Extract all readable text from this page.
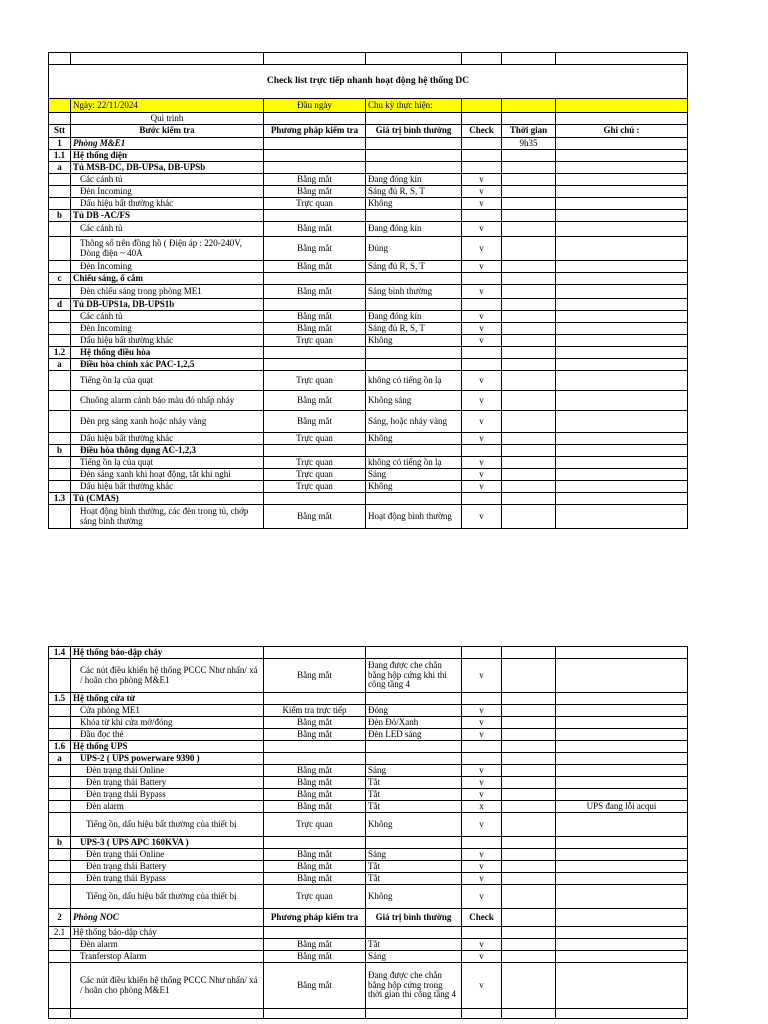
Check list trực tiếp nhanh hoạt động hệ thống DC						
	Ngày: 22/11/2024	Đầu ngày	Chu kỳ thực hiện:			
	Qui trình					
Stt	Bước kiểm tra	Phương pháp kiểm tra	Giá trị bình thường	Check	Thời gian	Ghi chú :
1	Phòng M&E1				9h35	
1.1	Hệ thống điện					
a	Tủ MSB-DC, DB-UPSa, DB-UPSb					
	Các cánh tủ	Bằng mắt	Đang đóng kín	v		
	Đèn Incoming	Bằng mắt	Sáng đủ R, S, T	v		
	Dấu hiệu bất thường khác	Trực quan	Không	v		
b	Tủ DB -AC/FS					
	Các cánh tủ	Bằng mắt	Đang đóng kín	v		
	Thông số trên đồng hồ ( Điện áp : 220-240V, Dòng điện ~ 40A	Bằng mắt	Đúng	v		
	Đèn Incoming	Bằng mắt	Sáng đủ R, S, T	v		
c	Chiếu sáng, ổ cắm					
	Đèn chiếu sáng trong phòng ME1	Bằng mắt	Sáng bình thường	v		
d	Tủ DB-UPS1a, DB-UPS1b					
	Các cánh tủ	Bằng mắt	Đang đóng kín	v		
	Đèn Incoming	Bằng mắt	Sáng đủ R, S, T	v		
	Dấu hiệu bất thường khác	Trực quan	Không	v		
1.2	Hệ thống điều hòa					
a	Điều hòa chính xác PAC-1,2,5					
	Tiếng ồn lạ của quạt	Trực quan	không có tiếng ồn lạ	v		
	Chuông alarm cảnh báo màu đỏ nhấp nháy	Bằng mắt	Không sáng	v		
	Đèn prg sáng xanh hoặc nháy vàng	Bằng mắt	Sáng, hoặc nháy vàng	v		
	Dấu hiệu bất thường khác	Trực quan	Không	v		
b	Điều hòa thông dụng AC-1,2,3					
	Tiếng ồn lạ của quạt	Trực quan	không có tiếng ồn lạ	v		
	Đèn sáng xanh khi hoạt động, tắt khi nghỉ	Trực quan	Sáng	v		
	Dấu hiệu bất thường khác	Trực quan	Không	v		
1.3	Tủ (CMAS)					
	Hoạt động bình thường, các đèn trong tủ, chớp sáng bình thường	Bằng mắt	Hoạt động bình thường	v		
1.4	Hệ thống báo-dập cháy					
	Các nút điều khiển hệ thống PCCC Như nhấn/ xả / hoãn cho phòng M&E1	Bằng mắt	Đang được che chắn bằng hộp cứng khi thi công tầng 4	v		
1.5	Hệ thống cửa từ					
	Cửa phòng ME1	Kiểm tra trực tiếp	Đóng	v		
	Khóa từ khi cửa mở/đóng	Bằng mắt	Đèn Đỏ/Xanh	v		
	Đầu đọc thẻ	Bằng mắt	Đèn LED sáng	v		
1.6	Hệ thống UPS					
a	UPS-2 ( UPS powerware 9390 )					
	Đèn trạng thái Online	Bằng mắt	Sáng	v		
	Đèn trạng thái Battery	Bằng mắt	Tắt	v		
	Đèn trạng thái Bypass	Bằng mắt	Tắt	v		
	Đèn alarm	Bằng mắt	Tắt	x		UPS đang lỗi acqui
	Tiếng ồn, dấu hiệu bất thường của thiết bị	Trực quan	Không	v		
b	UPS-3 ( UPS APC 160KVA )					
	Đèn trạng thái Online	Bằng mắt	Sáng	v		
	Đèn trạng thái Battery	Bằng mắt	Tắt	v		
	Đèn trạng thái Bypass	Bằng mắt	Tắt	v		
	Tiếng ồn, dấu hiệu bất thường của thiết bị	Trực quan	Không	v		
2	Phòng NOC	Phương pháp kiểm tra	Giá trị bình thường	Check		
2.1	Hệ thống báo-dập cháy					
	Đèn alarm	Bằng mắt	Tắt	v		
	Tranferstop Alarm	Bằng mắt	Sáng	v		
	Các nút điều khiển hệ thống PCCC Như nhấn/ xả / hoãn cho phòng M&E1	Bằng mắt	Đang được che chắn bằng hộp cứng trong thời gian thi công tầng 4	v		
